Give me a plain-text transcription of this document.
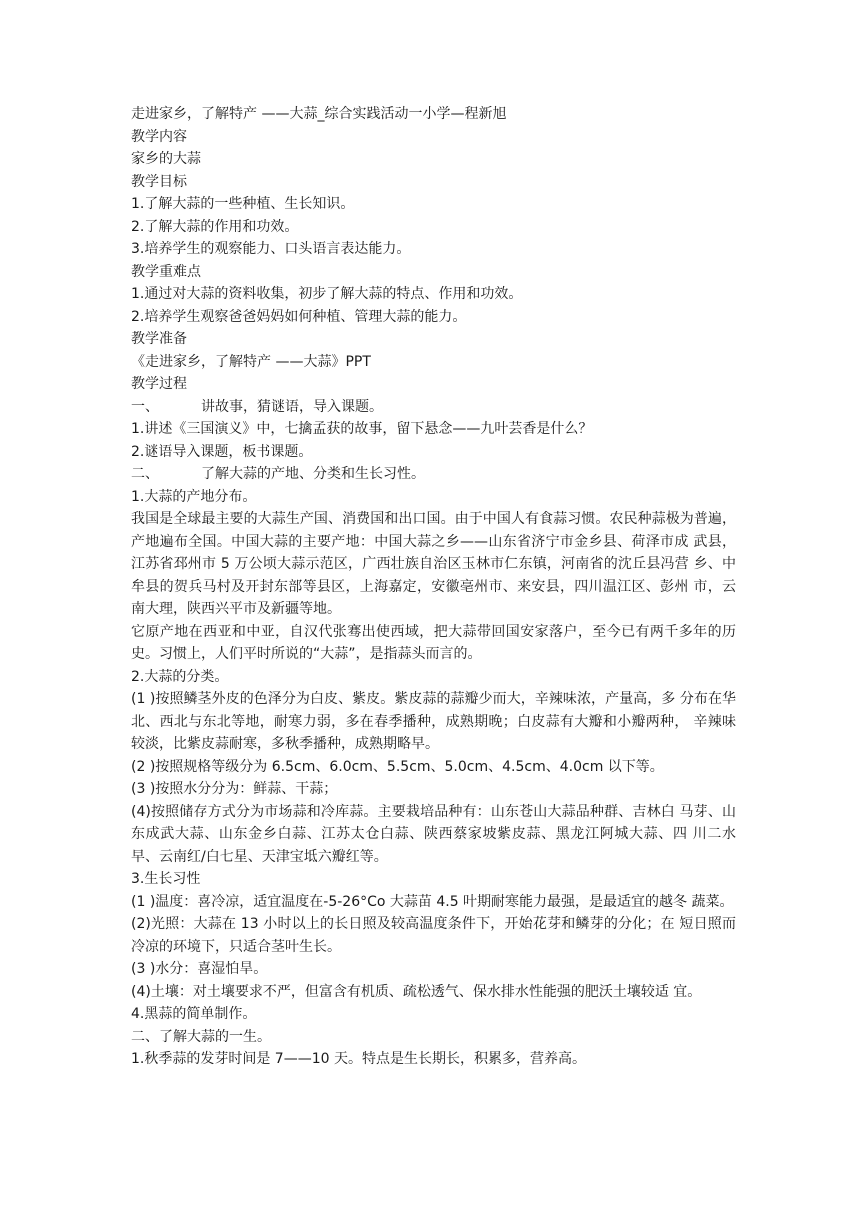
走进家乡，了解特产 ——大蒜_综合实践活动一小学—程新旭

教学内容

家乡的大蒜

教学目标

1.了解大蒜的一些种植、生长知识。

2.了解大蒜的作用和功效。

3.培养学生的观察能力、口头语言表达能力。

教学重难点

1.通过对大蒜的资料收集，初步了解大蒜的特点、作用和功效。

2.培养学生观察爸爸妈妈如何种植、管理大蒜的能力。

教学准备

《走进家乡，了解特产 ——大蒜》PPT

教学过程

一、	讲故事，猜谜语，导入课题。

1.讲述《三国演义》中，七擒孟获的故事，留下悬念——九叶芸香是什么？

2.谜语导入课题，板书课题。

二、	了解大蒜的产地、分类和生长习性。

1.大蒜的产地分布。

我国是全球最主要的大蒜生产国、消费国和出口国。由于中国人有食蒜习惯。农民种蒜极为普遍，产地遍布全国。中国大蒜的主要产地：中国大蒜之乡——山东省济宁市金乡县、荷泽市成 武县，江苏省邳州市 5 万公顷大蒜示范区，广西壮族自治区玉林市仁东镇，河南省的沈丘县冯营 乡、中牟县的贺兵马村及开封东部等县区，上海嘉定，安徽亳州市、来安县，四川温江区、彭州 市，云南大理，陕西兴平市及新疆等地。

它原产地在西亚和中亚，自汉代张骞出使西域，把大蒜带回国安家落户，至今已有两千多年的历史。习惯上，人们平时所说的“大蒜”，是指蒜头而言的。

2.大蒜的分类。

(1 )按照鳞茎外皮的色泽分为白皮、紫皮。紫皮蒜的蒜瓣少而大，辛辣味浓，产量高，多 分布在华北、西北与东北等地，耐寒力弱，多在春季播种，成熟期晚；白皮蒜有大瓣和小瓣两种， 辛辣味较淡，比紫皮蒜耐寒，多秋季播种，成熟期略早。

(2 )按照规格等级分为 6.5cm、6.0cm、5.5cm、5.0cm、4.5cm、4.0cm 以下等。

(3 )按照水分分为：鲜蒜、干蒜；

(4)按照储存方式分为市场蒜和冷库蒜。主要栽培品种有：山东苍山大蒜品种群、吉林白 马芽、山东成武大蒜、山东金乡白蒜、江苏太仓白蒜、陕西蔡家坡紫皮蒜、黑龙江阿城大蒜、四 川二水早、云南红/白七星、天津宝坻六瓣红等。

3.生长习性

(1 )温度：喜冷凉，适宜温度在-5-26°Co 大蒜苗 4.5 叶期耐寒能力最强，是最适宜的越冬 蔬菜。

(2)光照：大蒜在 13 小时以上的长日照及较高温度条件下，开始花芽和鳞芽的分化；在 短日照而冷凉的环境下，只适合茎叶生长。

(3 )水分：喜湿怕旱。

(4)土壤：对土壤要求不严，但富含有机质、疏松透气、保水排水性能强的肥沃土壤较适 宜。

4.黑蒜的简单制作。

二、了解大蒜的一生。

1.秋季蒜的发芽时间是 7——10 天。特点是生长期长，积累多，营养高。
